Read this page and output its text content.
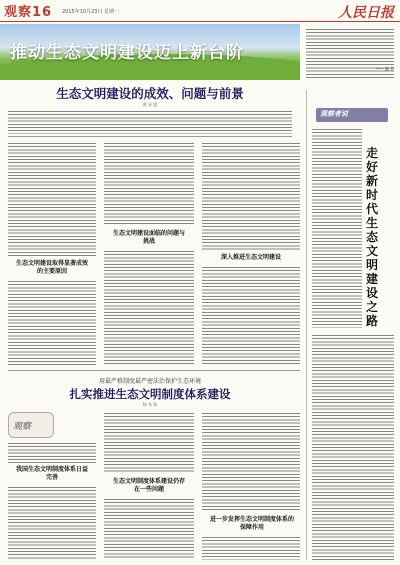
观察16 2015年10月23日 星期一	人民日报
推动生态文明建设迈上新台阶
—— 编 者
生态文明建设的成效、问题与前景
黄 承 梁
生态文明建设取得显著成效的主要原因
生态文明建设面临的问题与挑战
深入推进生态文明建设
观察者说
走好新时代生态文明建设之路
用最严格制度最严密法治保护生态环境
扎实推进生态文明制度体系建设
杨 冬 秋
观察
我国生态文明制度体系日益完善
生态文明制度体系建设仍存在一些问题
进一步发挥生态文明制度体系的保障作用
